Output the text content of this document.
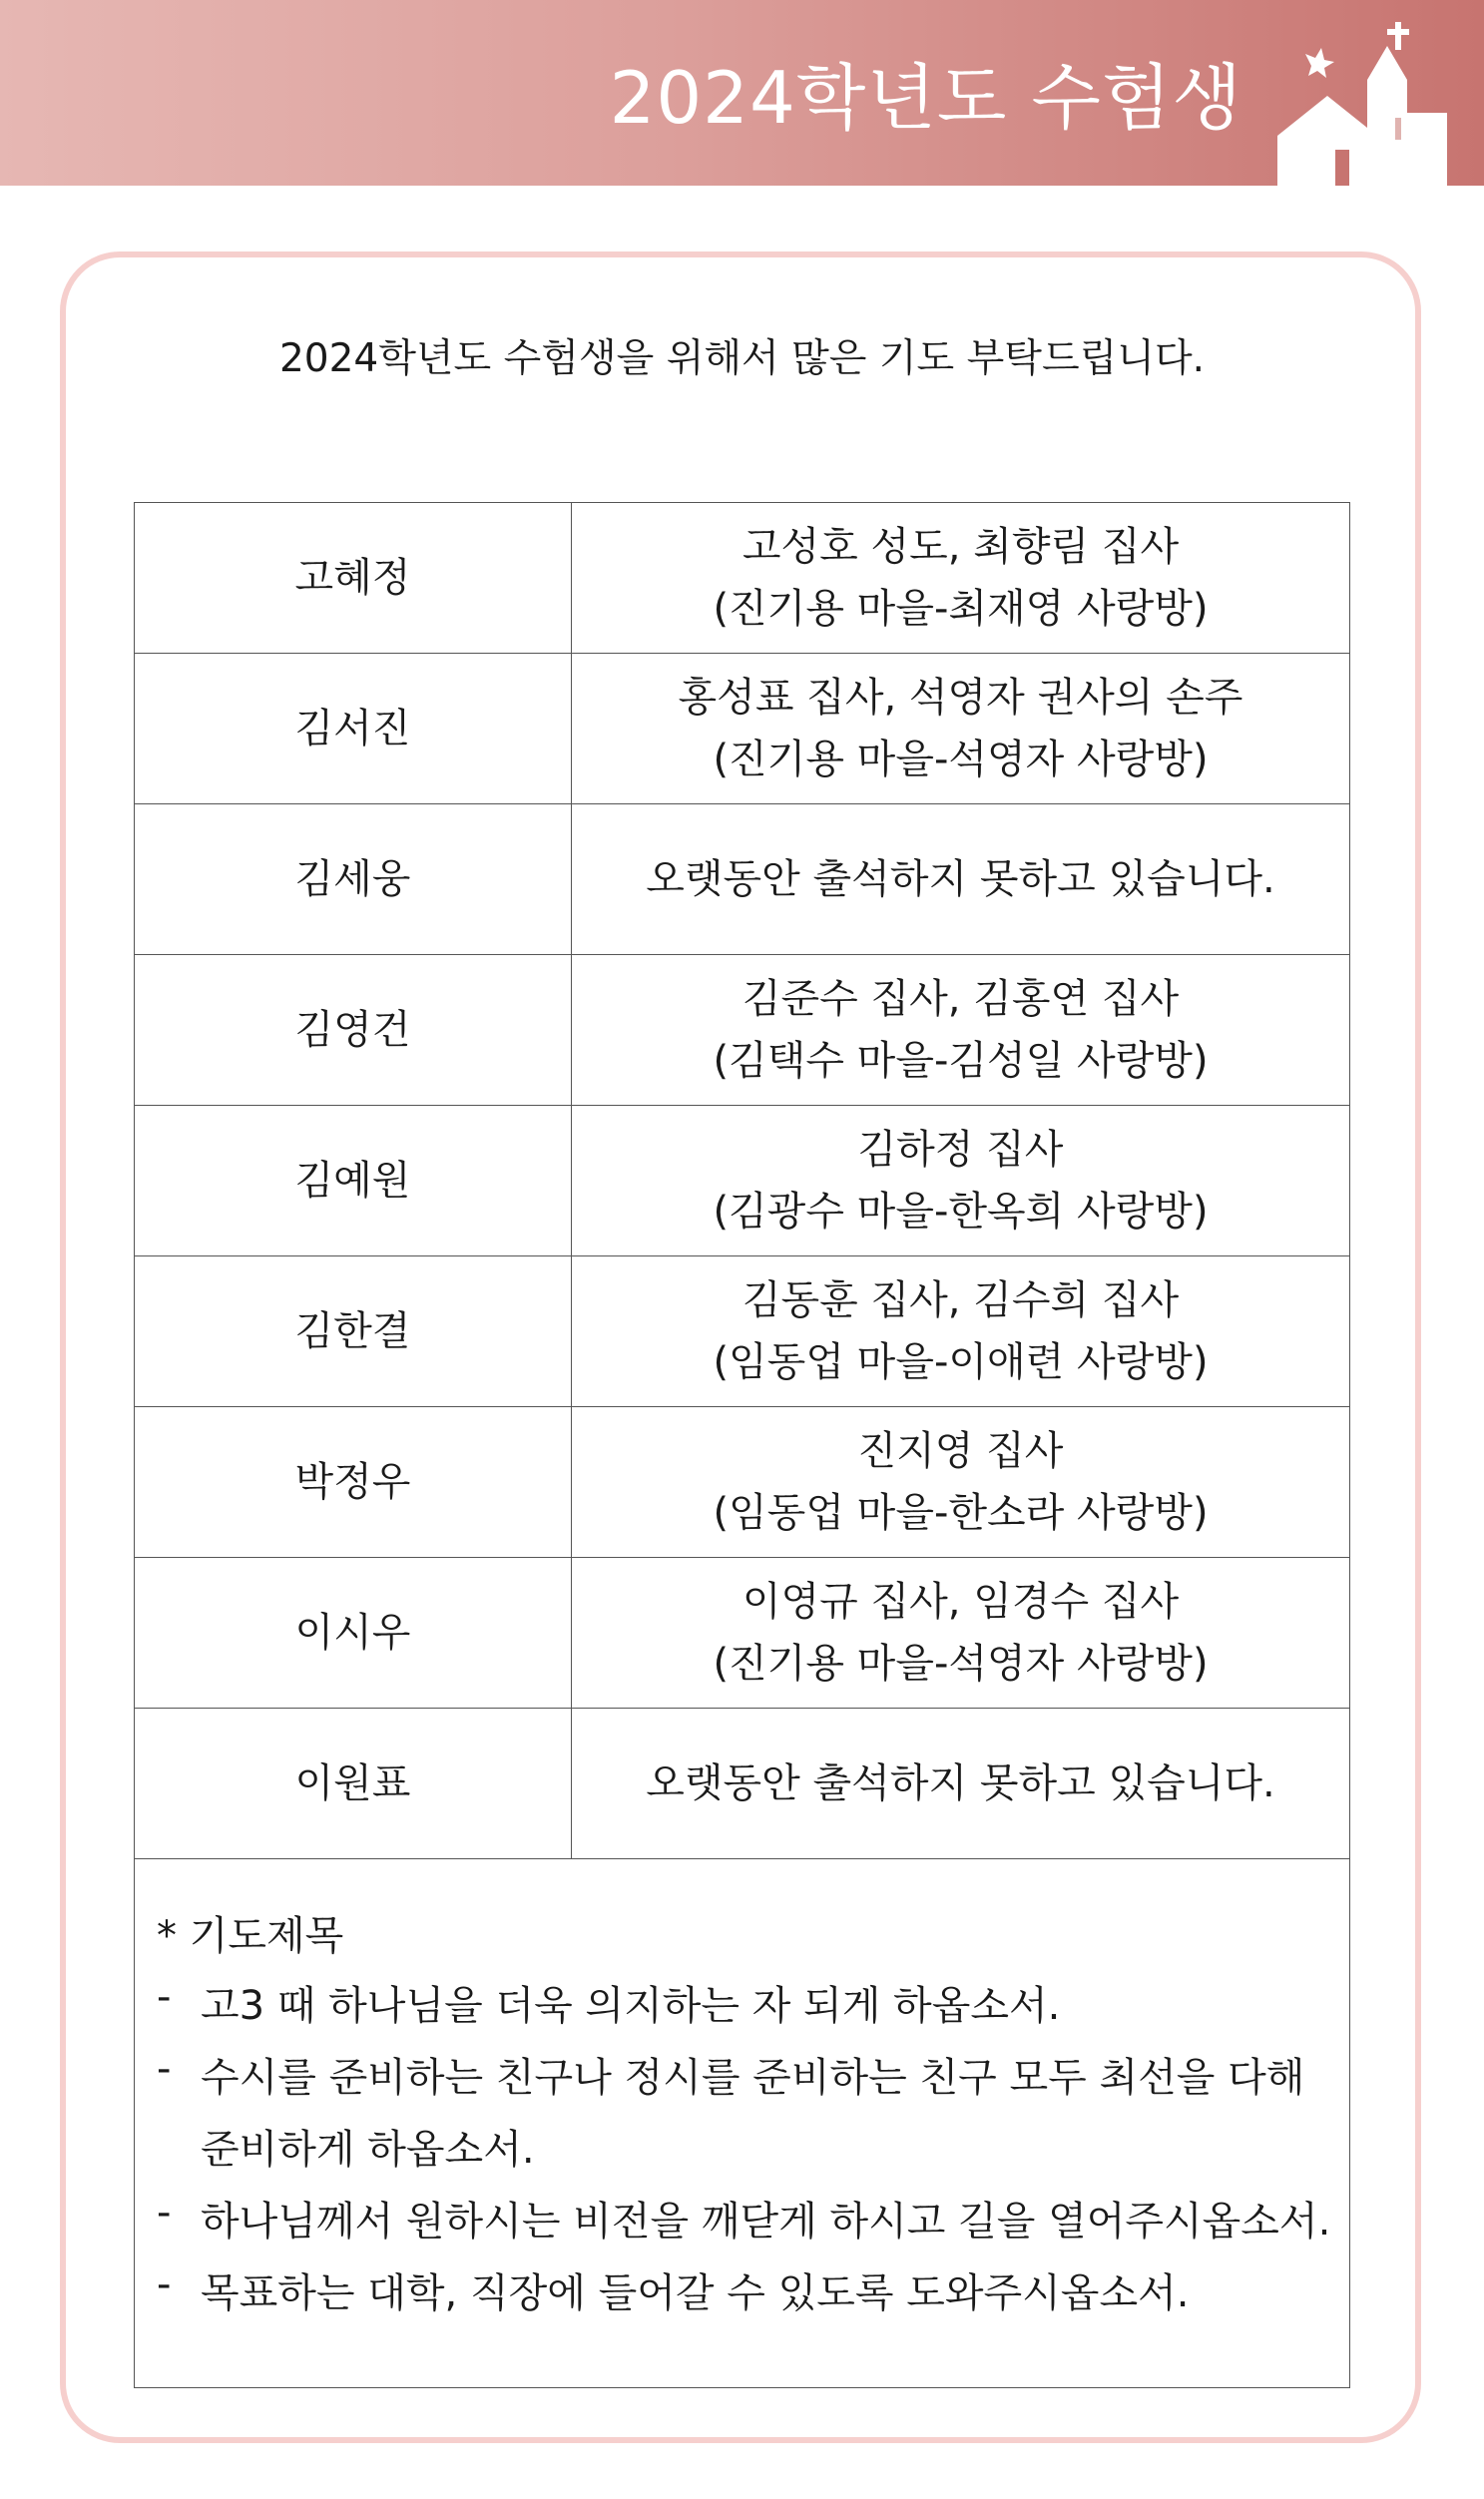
2024학년도 수험생
2024학년도 수험생을 위해서 많은 기도 부탁드립니다.
고혜정	고성호 성도, 최향림 집사
(진기용 마을-최재영 사랑방)

김서진	홍성표 집사, 석영자 권사의 손주
(진기용 마을-석영자 사랑방)

김세웅	오랫동안 출석하지 못하고 있습니다.

김영건	김준수 집사, 김홍연 집사
(김택수 마을-김성일 사랑방)

김예원	김하정 집사
(김광수 마을-한옥희 사랑방)

김한결	김동훈 집사, 김수희 집사
(임동업 마을-이애련 사랑방)

박정우	진지영 집사
(임동업 마을-한소라 사랑방)

이시우	이영규 집사, 임경수 집사
(진기용 마을-석영자 사랑방)

이원표	오랫동안 출석하지 못하고 있습니다.
* 기도제목
- 고3 때 하나님을 더욱 의지하는 자 되게 하옵소서.
- 수시를 준비하는 친구나 정시를 준비하는 친구 모두 최선을 다해
준비하게 하옵소서.
- 하나님께서 원하시는 비전을 깨닫게 하시고 길을 열어주시옵소서.
- 목표하는 대학, 직장에 들어갈 수 있도록 도와주시옵소서.
